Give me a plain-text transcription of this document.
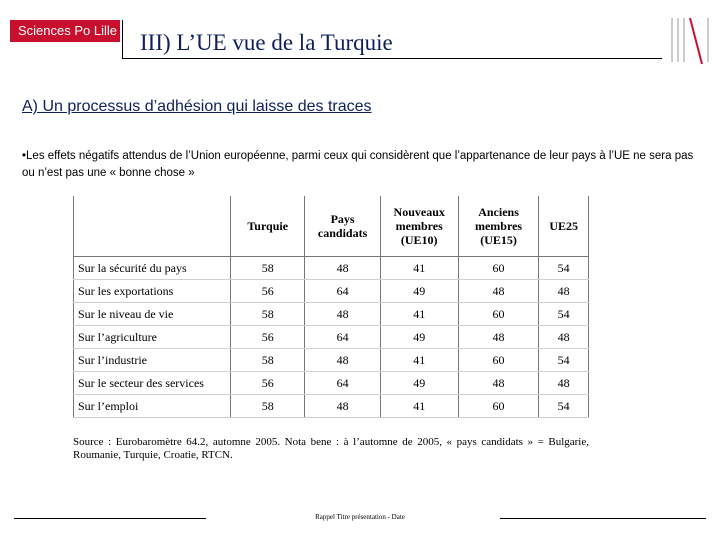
Sciences Po Lille III) L’UE vue de la Turquie
A) Un processus d’adhésion qui laisse des traces
•Les effets négatifs attendus de l’Union européenne, parmi ceux qui considèrent que l’appartenance de leur pays à l’UE ne sera pas ou n’est pas une « bonne chose »
	Turquie	Pays candidats	Nouveaux membres (UE10)	Anciens membres (UE15)	UE25
Sur la sécurité du pays	58	48	41	60	54
Sur les exportations	56	64	49	48	48
Sur le niveau de vie	58	48	41	60	54
Sur l’agriculture	56	64	49	48	48
Sur l’industrie	58	48	41	60	54
Sur le secteur des services	56	64	49	48	48
Sur l’emploi	58	48	41	60	54
Source : Eurobaromètre 64.2, automne 2005. Nota bene : à l’automne de 2005, « pays candidats » = Bulgarie, Roumanie, Turquie, Croatie, RTCN.
Rappel Titre présentation - Date
